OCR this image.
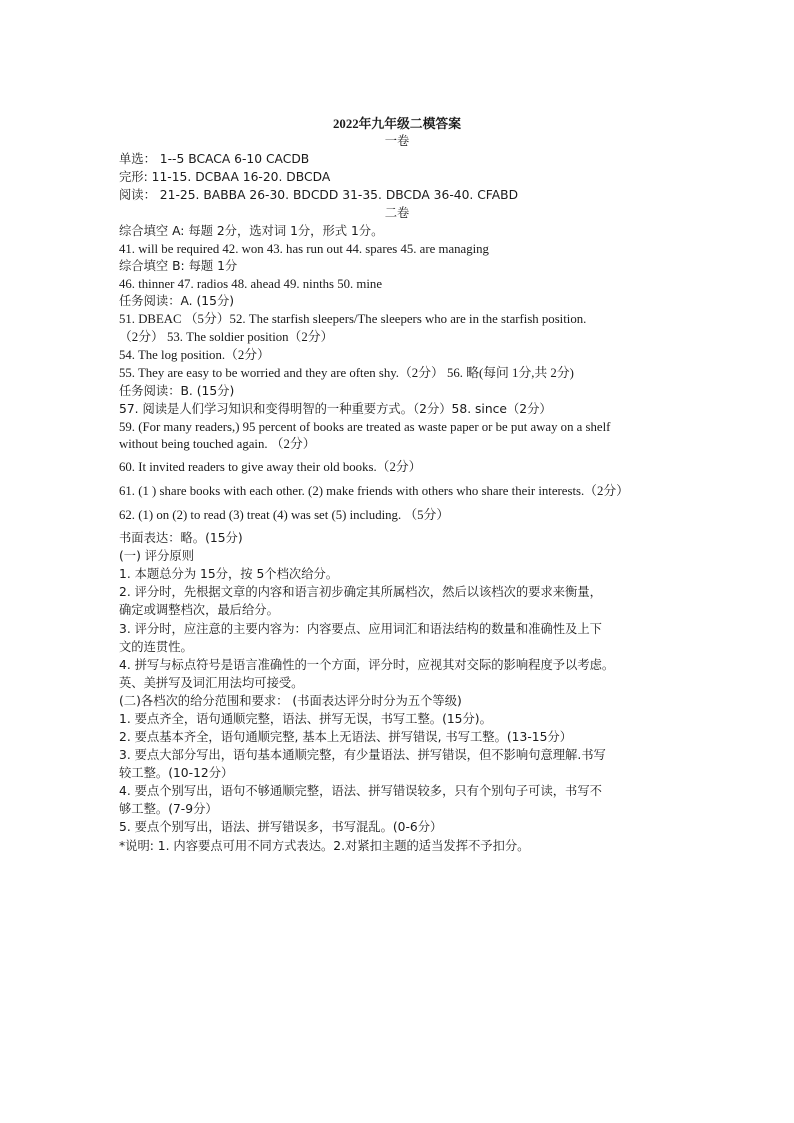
2022年九年级二模答案
一卷
单选： 1--5 BCACA 6-10 CACDB
完形: 11-15. DCBAA 16-20. DBCDA
阅读： 21-25. BABBA 26-30. BDCDD 31-35. DBCDA 36-40. CFABD
二卷
综合填空 A: 每题 2分，选对词 1分，形式 1分。
41. will be required 42. won 43. has run out 44. spares 45. are managing
综合填空 B: 每题 1分
46. thinner 47. radios 48. ahead 49. ninths 50. mine
任务阅读：A. (15分)
51. DBEAC （5分）52. The starfish sleepers/The sleepers who are in the starfish position.
（2分） 53. The soldier position（2分）
54. The log position.（2分）
55. They are easy to be worried and they are often shy.（2分） 56. 略(每问 1分,共 2分)
任务阅读：B. (15分)
57. 阅读是人们学习知识和变得明智的一种重要方式。（2分）58. since（2分）
59. (For many readers,) 95 percent of books are treated as waste paper or be put away on a shelf
without being touched again. （2分）
60. It invited readers to give away their old books.（2分）
61. (1 ) share books with each other. (2) make friends with others who share their interests.（2分）
62. (1) on (2) to read (3) treat (4) was set (5) including. （5分）
书面表达：略。(15分)
(一) 评分原则
1. 本题总分为 15分，按 5个档次给分。
2. 评分时，先根据文章的内容和语言初步确定其所属档次，然后以该档次的要求来衡量，
确定或调整档次，最后给分。
3. 评分时，应注意的主要内容为：内容要点、应用词汇和语法结构的数量和准确性及上下
文的连贯性。
4. 拼写与标点符号是语言准确性的一个方面，评分时，应视其对交际的影响程度予以考虑。
英、美拼写及词汇用法均可接受。
(二)各档次的给分范围和要求： (书面表达评分时分为五个等级)
1. 要点齐全，语句通顺完整，语法、拼写无误，书写工整。(15分)。
2. 要点基本齐全，语句通顺完整, 基本上无语法、拼写错误, 书写工整。(13-15分）
3. 要点大部分写出，语句基本通顺完整，有少量语法、拼写错误，但不影响句意理解.书写
较工整。(10-12分）
4. 要点个别写出，语句不够通顺完整，语法、拼写错误较多，只有个别句子可读，书写不
够工整。(7-9分）
5. 要点个别写出，语法、拼写错误多，书写混乱。(0-6分）
*说明: 1. 内容要点可用不同方式表达。2.对紧扣主题的适当发挥不予扣分。
